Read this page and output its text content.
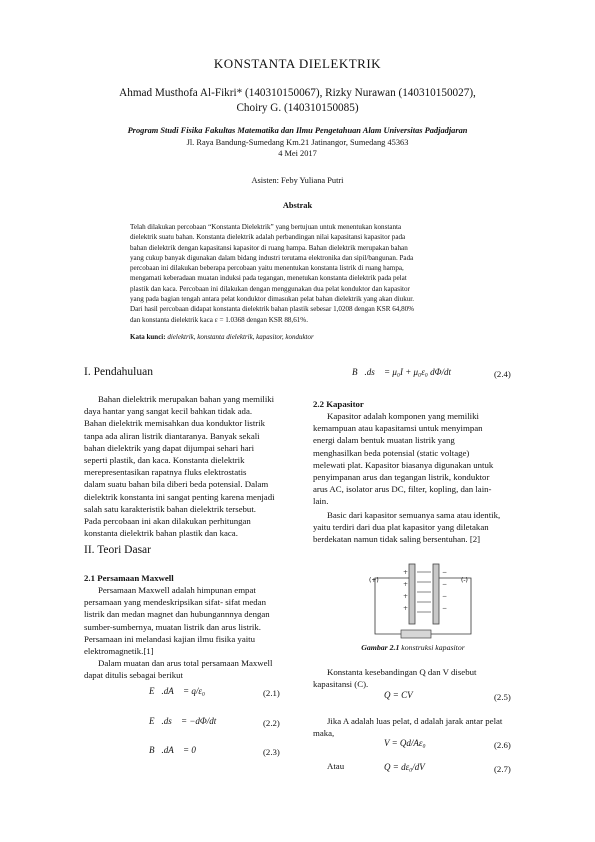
KONSTANTA DIELEKTRIK
Ahmad Musthofa Al-Fikri* (140310150067), Rizky Nurawan (140310150027),
Choiry G. (140310150085)
Program Studi Fisika Fakultas Matematika dan Ilmu Pengetahuan Alam Universitas Padjadjaran
Jl. Raya Bandung-Sumedang Km.21 Jatinangor, Sumedang 45363
4 Mei 2017
Asisten: Feby Yuliana Putri
Abstrak
Telah dilakukan percobaan “Konstanta Dielektrik” yang bertujuan untuk menentukan konstanta
dielektrik suatu bahan. Konstanta dielektrik adalah perbandingan nilai kapasitansi kapasitor pada
bahan dielektrik dengan kapasitansi kapasitor di ruang hampa. Bahan dielektrik merupakan bahan
yang cukup banyak digunakan dalam bidang industri terutama elektronika dan sipil/bangunan. Pada
percobaan ini dilakukan beberapa percobaan yaitu menentukan konstanta listrik di ruang hampa,
mengamati keberadaan muatan induksi pada tegangan, menetukan konstanta dielektrik pada pelat
plastik dan kaca. Percobaan ini dilakukan dengan menggunakan dua pelat konduktor dan kapasitor
yang pada bagian tengah antara pelat konduktor dimasukan pelat bahan dielektrik yang akan diukur.
Dari hasil percobaan didapat konstanta dielektrik bahan plastik sebesar 1,0208 dengan KSR 64,80%
dan konstanta dielektrik kaca ε = 1.0368 dengan KSR 88,61%.
Kata kunci: dielektrik, konstanta dielektrik, kapasitor, konduktor
I. Pendahuluan
Bahan dielektrik merupakan bahan yang memiliki
daya hantar yang sangat kecil bahkan tidak ada.
Bahan dielektrik memisahkan dua konduktor listrik
tanpa ada aliran listrik diantaranya. Banyak sekali
bahan dielektrik yang dapat dijumpai sehari hari
seperti plastik, dan kaca. Konstanta dielektrik
merepresentasikan rapatnya fluks elektrostatis
dalam suatu bahan bila diberi beda potensial. Dalam
dielektrik konstanta ini sangat penting karena menjadi
salah satu karakteristik bahan dielektrik tersebut.
Pada percobaan ini akan dilakukan perhitungan
konstanta dielektrik bahan plastik dan kaca.
II. Teori Dasar
2.1 Persamaan Maxwell
Persamaan Maxwell adalah himpunan empat
persamaan yang mendeskripsikan sifat- sifat medan
listrik dan medan magnet dan hubungannnya dengan
sumber-sumbernya, muatan listrik dan arus listrik.
Persamaan ini melandasi kajian ilmu fisika yaitu
elektromagnetik.[1]
Dalam muatan dan arus total persamaan Maxwell
dapat ditulis sebagai berikut
∮E⃗.dA⃗ = q/ε₀	(2.1)
∮E⃗.ds⃗ = −dΦ/dt	(2.2)
∮B⃗.dA⃗ = 0	(2.3)
∮B⃗.ds⃗ = μ₀I + μ₀ε₀ dΦ/dt	(2.4)
2.2 Kapasitor
Kapasitor adalah komponen yang memiliki
kemampuan atau kapasitamsi untuk menyimpan
energi dalam bentuk muatan listrik yang
menghasilkan beda potensial (static voltage)
melewati plat. Kapasitor biasanya digunakan untuk
penyimpanan arus dan tegangan listrik, konduktor
arus AC, isolator arus DC, filter, kopling, dan lain-
lain.
Basic dari kapasitor semuanya sama atau identik,
yaitu terdiri dari dua plat kapasitor yang diletakan
berdekatan namun tidak saling bersentuhan. [2]
+
+
+
+
−
−
−
−
(+)	(-)
Gambar 2.1 konstruksi kapasitor
Konstanta kesebandingan Q dan V disebut
kapasitansi (C).
Q = CV	(2.5)
Jika A adalah luas pelat, d adalah jarak antar pelat
maka,
V = Qd/Aε₀	(2.6)
Atau	Q = dε₀/dV	(2.7)
